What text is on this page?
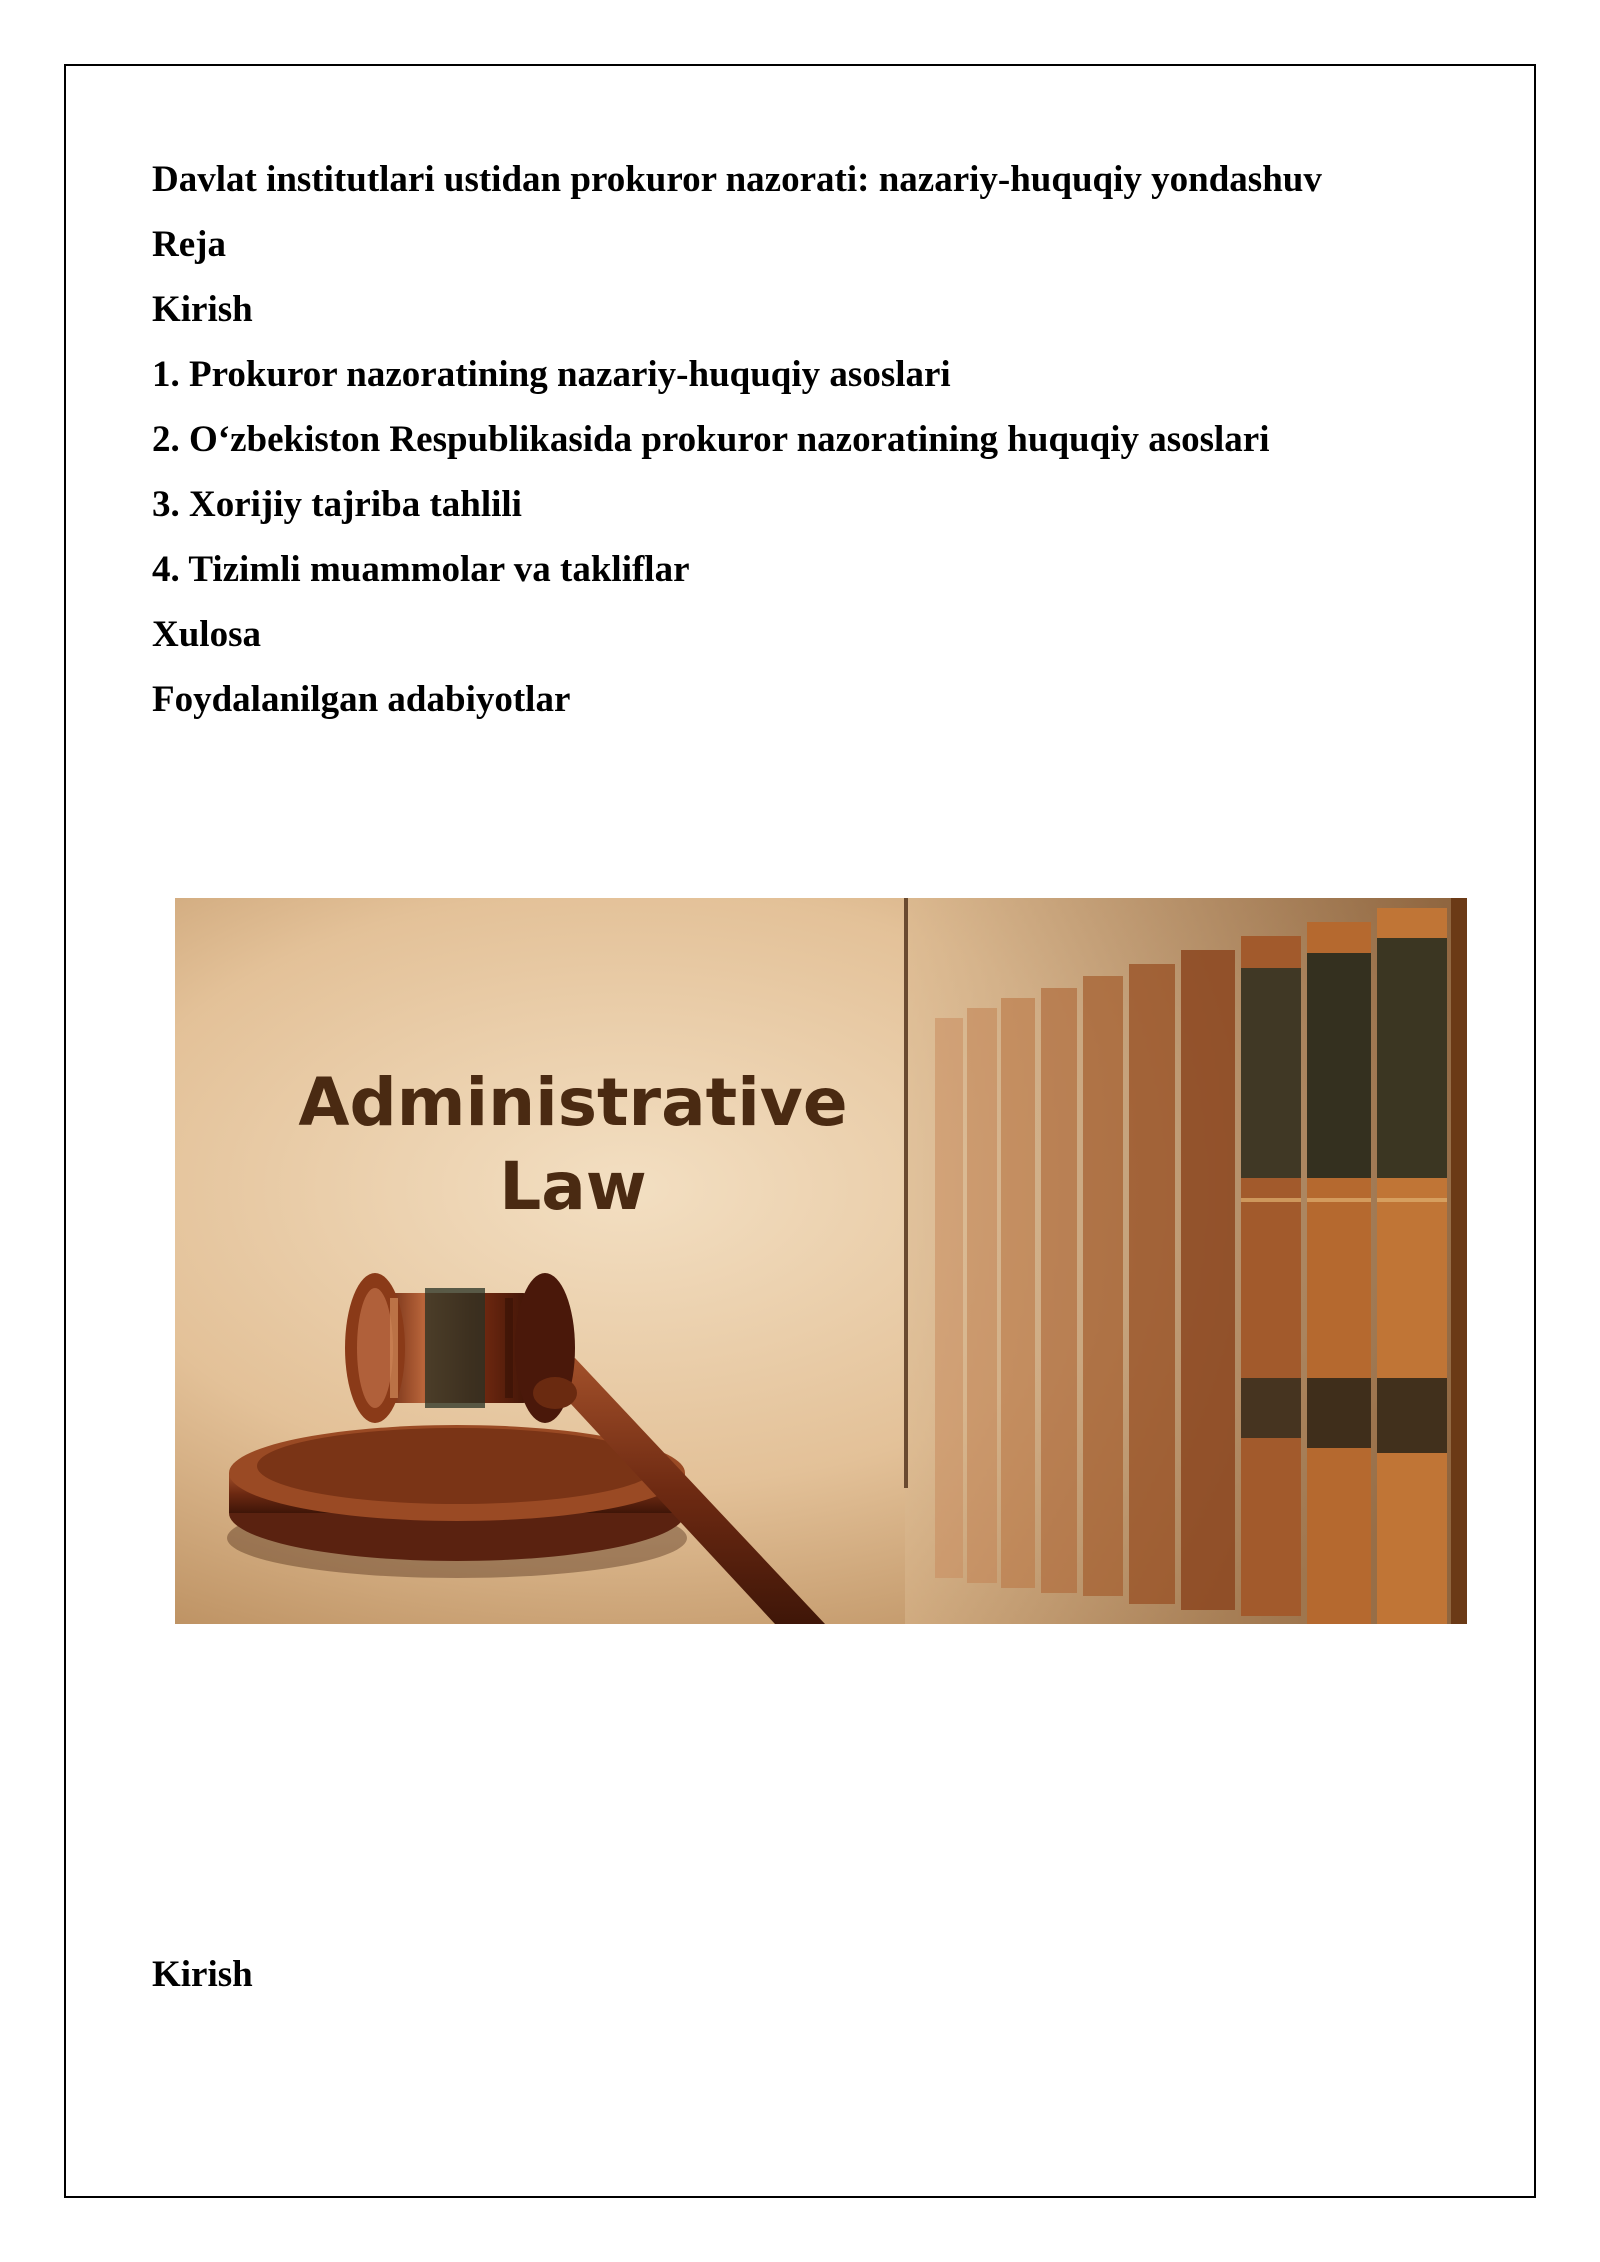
Davlat institutlari ustidan prokuror nazorati: nazariy-huquqiy yondashuv
Reja
Kirish
1. Prokuror nazoratining nazariy-huquqiy asoslari
2. O‘zbekiston Respublikasida prokuror nazoratining huquqiy asoslari
3. Xorijiy tajriba tahlili
4. Tizimli muammolar va takliflar
Xulosa
Foydalanilgan adabiyotlar
Administrative
Law
Kirish
